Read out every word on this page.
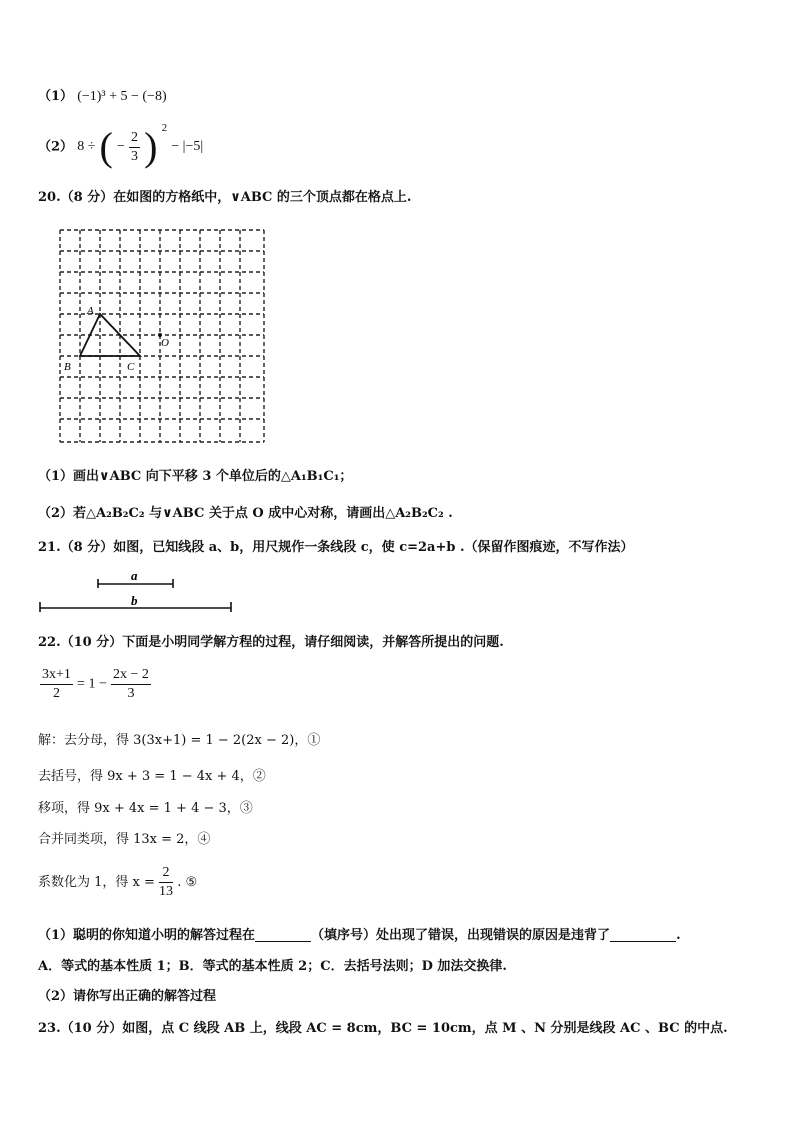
（1） (−1)³ + 5 − (−8)
（2） 8 ÷ ( − $\frac{2}{3}$ ) $^2$ − |−5|
20.（8 分）在如图的方格纸中，∨ABC 的三个顶点都在格点上.
A
B	C
O
（1）画出∨ABC 向下平移 3 个单位后的△A₁B₁C₁；
（2）若△A₂B₂C₂ 与∨ABC 关于点 O 成中心对称，请画出△A₂B₂C₂ .
21.（8 分）如图，已知线段 a、b，用尺规作一条线段 c，使 c=2a+b .（保留作图痕迹，不写作法）
a
b
22.（10 分）下面是小明同学解方程的过程，请仔细阅读，并解答所提出的问题.
$\frac{3x+1}{2} = 1 - \frac{2x - 2}{3}$
解：去分母，得 3(3x+1) = 1 − 2(2x − 2)，①
去括号，得 9x + 3 = 1 − 4x + 4，②
移项，得 9x + 4x = 1 + 4 − 3，③
合并同类项，得 13x = 2，④
系数化为 1，得 $x = \frac{2}{13}$ . ⑤
（1）聪明的你知道小明的解答过程在	（填序号）处出现了错误，出现错误的原因是违背了	.
A．等式的基本性质 1；B．等式的基本性质 2；C．去括号法则；D 加法交换律.
（2）请你写出正确的解答过程
23.（10 分）如图，点 C 线段 AB 上，线段 AC = 8cm，BC = 10cm，点 M 、N 分别是线段 AC 、BC 的中点.
